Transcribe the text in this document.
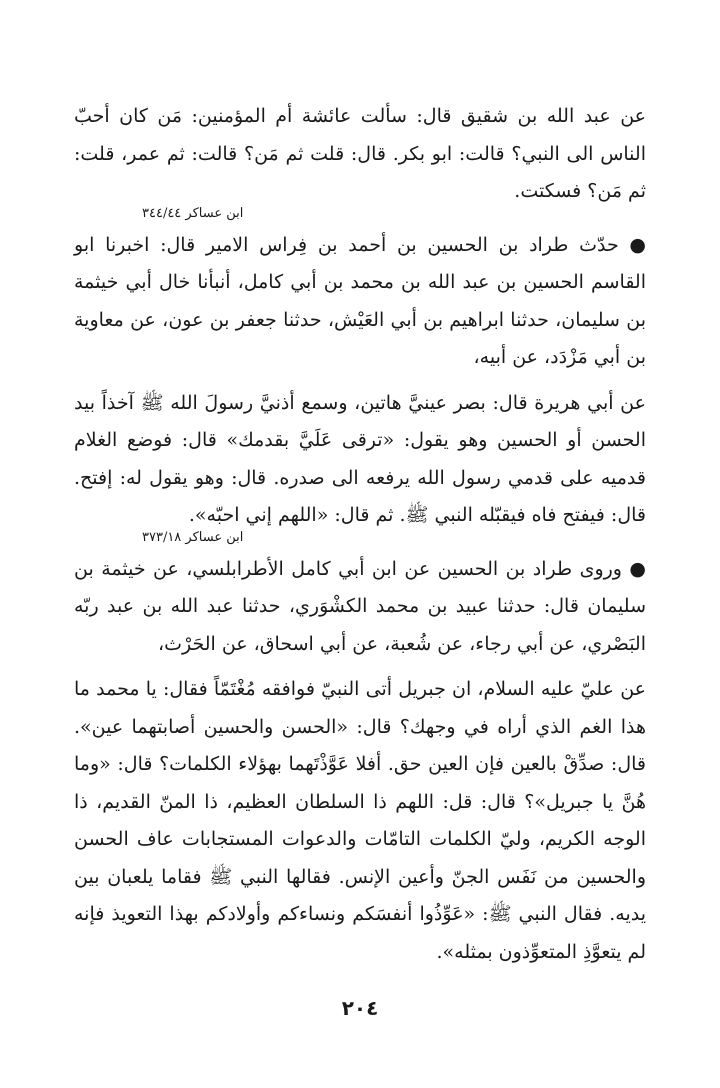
عن عبد الله بن شقيق قال: سألت عائشة أم المؤمنين: مَن كان أحبّ الناس الى النبي؟ قالت: ابو بكر. قال: قلت ثم مَن؟ قالت: ثم عمر، قلت: ثم مَن؟ فسكتت.

ابن عساكر ٣٤٤/٤٤

● حدّث طراد بن الحسين بن أحمد بن فِراس الامير قال: اخبرنا ابو القاسم الحسين بن عبد الله بن محمد بن أبي كامل، أنبأنا خال أبي خيثمة بن سليمان، حدثنا ابراهيم بن أبي العَيْش، حدثنا جعفر بن عون، عن معاوية بن أبي مَزْدَد، عن أبيه،

عن أبي هريرة قال: بصر عينيَّ هاتين، وسمع أذنيَّ رسولَ الله ﷺ آخذاً بيد الحسن أو الحسين وهو يقول: «ترقى عَلَيَّ بقدمك» قال: فوضع الغلام قدميه على قدمي رسول الله يرفعه الى صدره. قال: وهو يقول له: إفتح. قال: فيفتح فاه فيقبّله النبي ﷺ. ثم قال: «اللهم إني احبّه».

ابن عساكر ٣٧٣/١٨

● وروى طراد بن الحسين عن ابن أبي كامل الأطرابلسي، عن خيثمة بن سليمان قال: حدثنا عبيد بن محمد الكشْوَري، حدثنا عبد الله بن عبد ربّه البَصْري، عن أبي رجاء، عن شُعبة، عن أبي اسحاق، عن الحَرْث،

عن عليّ عليه السلام، ان جبريل أتى النبيّ فوافقه مُغْتَمّاً فقال: يا محمد ما هذا الغم الذي أراه في وجهك؟ قال: «الحسن والحسين أصابتهما عين». قال: صدِّقْ بالعين فإن العين حق. أفلا عَوَّذْتَهما بهؤلاء الكلمات؟ قال: «وما هُنَّ يا جبريل»؟ قال: قل: اللهم ذا السلطان العظيم، ذا المنّ القديم، ذا الوجه الكريم، وليّ الكلمات التامّات والدعوات المستجابات عاف الحسن والحسين من نَفَس الجنّ وأعين الإنس. فقالها النبي ﷺ فقاما يلعبان بين يديه. فقال النبي ﷺ: «عَوِّذُوا أنفسَكم ونساءكم وأولادكم بهذا التعويذ فإنه لم يتعوَّذِ المتعوِّذون بمثله».

٢٠٤
